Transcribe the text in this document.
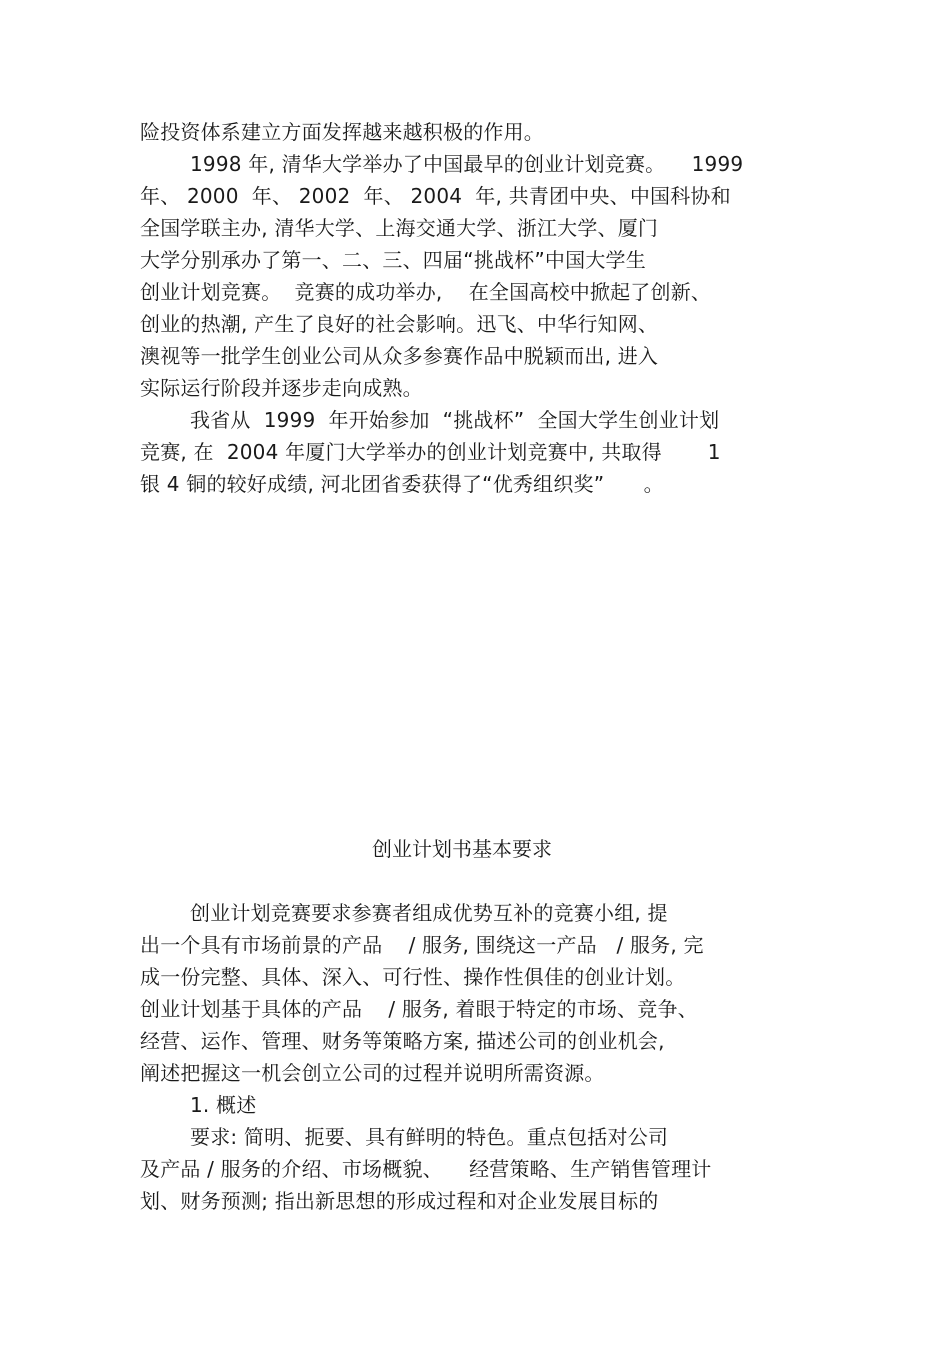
险投资体系建立方面发挥越来越积极的作用。
1998 年, 清华大学举办了中国最早的创业计划竞赛。    1999
年、 2000  年、 2002  年、 2004  年, 共青团中央、中国科协和
全国学联主办, 清华大学、上海交通大学、浙江大学、厦门
大学分别承办了第一、二、三、四届“挑战杯”中国大学生
创业计划竞赛。  竞赛的成功举办,    在全国高校中掀起了创新、
创业的热潮, 产生了良好的社会影响。迅飞、中华行知网、
澳视等一批学生创业公司从众多参赛作品中脱颖而出, 进入
实际运行阶段并逐步走向成熟。
我省从  1999  年开始参加  “挑战杯”  全国大学生创业计划
竞赛, 在  2004 年厦门大学举办的创业计划竞赛中, 共取得       1
银 4 铜的较好成绩, 河北团省委获得了“优秀组织奖”      。
创业计划书基本要求
创业计划竞赛要求参赛者组成优势互补的竞赛小组, 提
出一个具有市场前景的产品    / 服务, 围绕这一产品   / 服务, 完
成一份完整、具体、深入、可行性、操作性俱佳的创业计划。
创业计划基于具体的产品    / 服务, 着眼于特定的市场、竞争、
经营、运作、管理、财务等策略方案, 描述公司的创业机会,
阐述把握这一机会创立公司的过程并说明所需资源。
1. 概述
要求: 简明、扼要、具有鲜明的特色。重点包括对公司
及产品 / 服务的介绍、市场概貌、    经营策略、生产销售管理计
划、财务预测; 指出新思想的形成过程和对企业发展目标的
